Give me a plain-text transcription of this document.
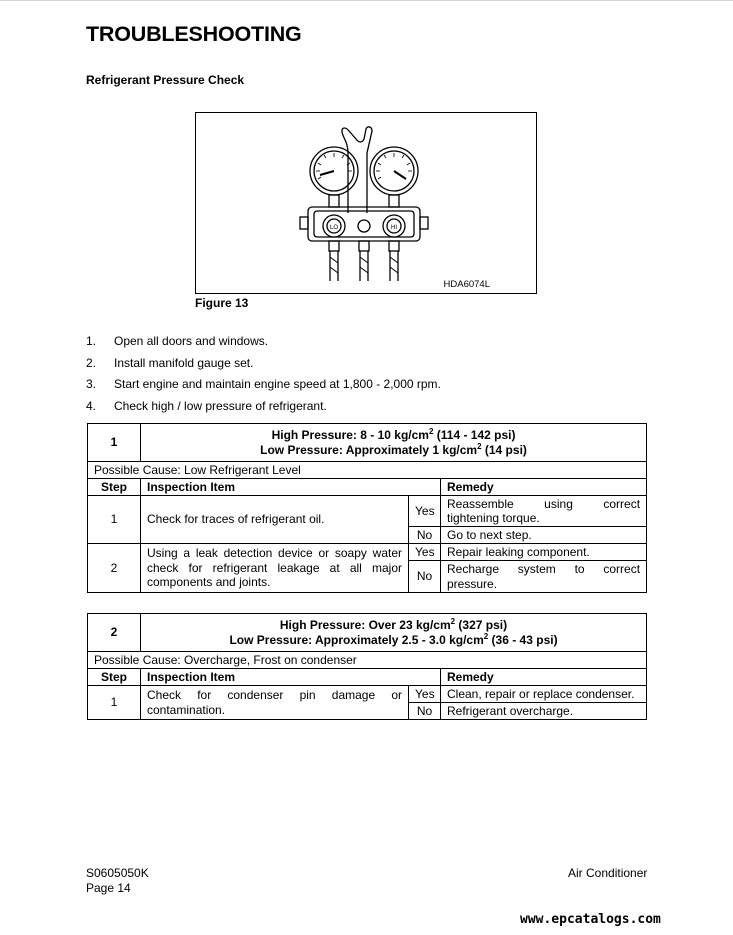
TROUBLESHOOTING
Refrigerant Pressure Check
LO	HI
HDA6074L
Figure 13
1.	Open all doors and windows.
2.	Install manifold gauge set.
3.	Start engine and maintain engine speed at 1,800 - 2,000 rpm.
4.	Check high / low pressure of refrigerant.
1	High Pressure: 8 - 10 $kg/cm^2$ (114 - 142 psi)
Low Pressure: Approximately 1 $kg/cm^2$ (14 psi)		

Possible Cause: Low Refrigerant Level			
Step	Inspection Item		Remedy
1	Check for traces of refrigerant oil.	Yes	Reassemble using correct tightening torque.
		No	Go to next step.
2	Using a leak detection device or soapy water check for refrigerant leakage at all major components and joints.	Yes	Repair leaking component.
		No	Recharge system to correct pressure.
2	High Pressure: Over 23 $kg/cm^2$ (327 psi)
Low Pressure: Approximately 2.5 - 3.0 $kg/cm^2$ (36 - 43 psi)		

Possible Cause: Overcharge, Frost on condenser			
Step	Inspection Item		Remedy
1	Check for condenser pin damage or contamination.	Yes	Clean, repair or replace condenser.
		No	Refrigerant overcharge.
S0605050K
Page 14
Air Conditioner
www.epcatalogs.com
